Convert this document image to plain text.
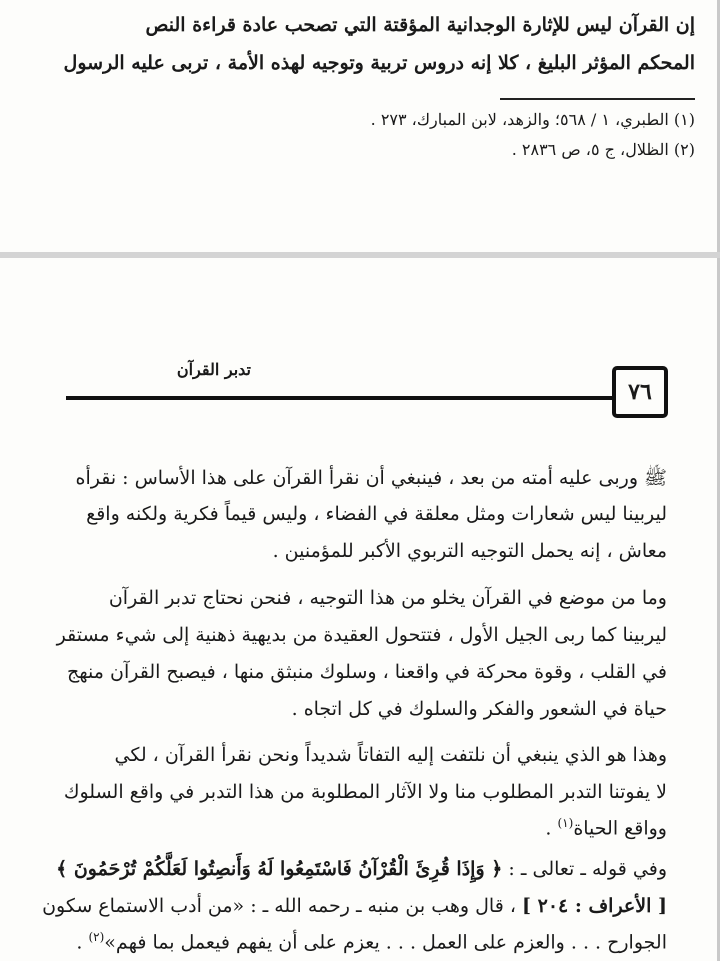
إن القرآن ليس للإثارة الوجدانية المؤقتة التي تصحب عادة قراءة النص
المحكم المؤثر البليغ ، كلا إنه دروس تربية وتوجيه لهذه الأمة ، تربى عليه الرسول
(١) الطبري، ١ / ٥٦٨؛ والزهد، لابن المبارك، ٢٧٣ .
(٢) الظلال، ج ٥، ص ٢٨٣٦ .
تدبر القرآن
٧٦
ﷺ وربى عليه أمته من بعد ، فينبغي أن نقرأ القرآن على هذا الأساس : نقرأه
ليربينا ليس شعارات ومثل معلقة في الفضاء ، وليس قيماً فكرية ولكنه واقع
معاش ، إنه يحمل التوجيه التربوي الأكبر للمؤمنين .
وما من موضع في القرآن يخلو من هذا التوجيه ، فنحن نحتاج تدبر القرآن
ليربينا كما ربى الجيل الأول ، فتتحول العقيدة من بديهية ذهنية إلى شيء مستقر
في القلب ، وقوة محركة في واقعنا ، وسلوك منبثق منها ، فيصبح القرآن منهج
حياة في الشعور والفكر والسلوك في كل اتجاه .
وهذا هو الذي ينبغي أن نلتفت إليه التفاتاً شديداً ونحن نقرأ القرآن ، لكي
لا يفوتنا التدبر المطلوب منا ولا الآثار المطلوبة من هذا التدبر في واقع السلوك
وواقع الحياة$^{(١)}$ .
وفي قوله ـ تعالى ـ : ﴿ وَإِذَا قُرِئَ الْقُرْآنُ فَاسْتَمِعُوا لَهُ وَأَنصِتُوا لَعَلَّكُمْ تُرْحَمُونَ ﴾
[ الأعراف : ٢٠٤ ] ، قال وهب بن منبه ـ رحمه الله ـ : «من أدب الاستماع سكون
الجوارح . . . والعزم على العمل . . . يعزم على أن يفهم فيعمل بما فهم»$^{(٢)}$ .
